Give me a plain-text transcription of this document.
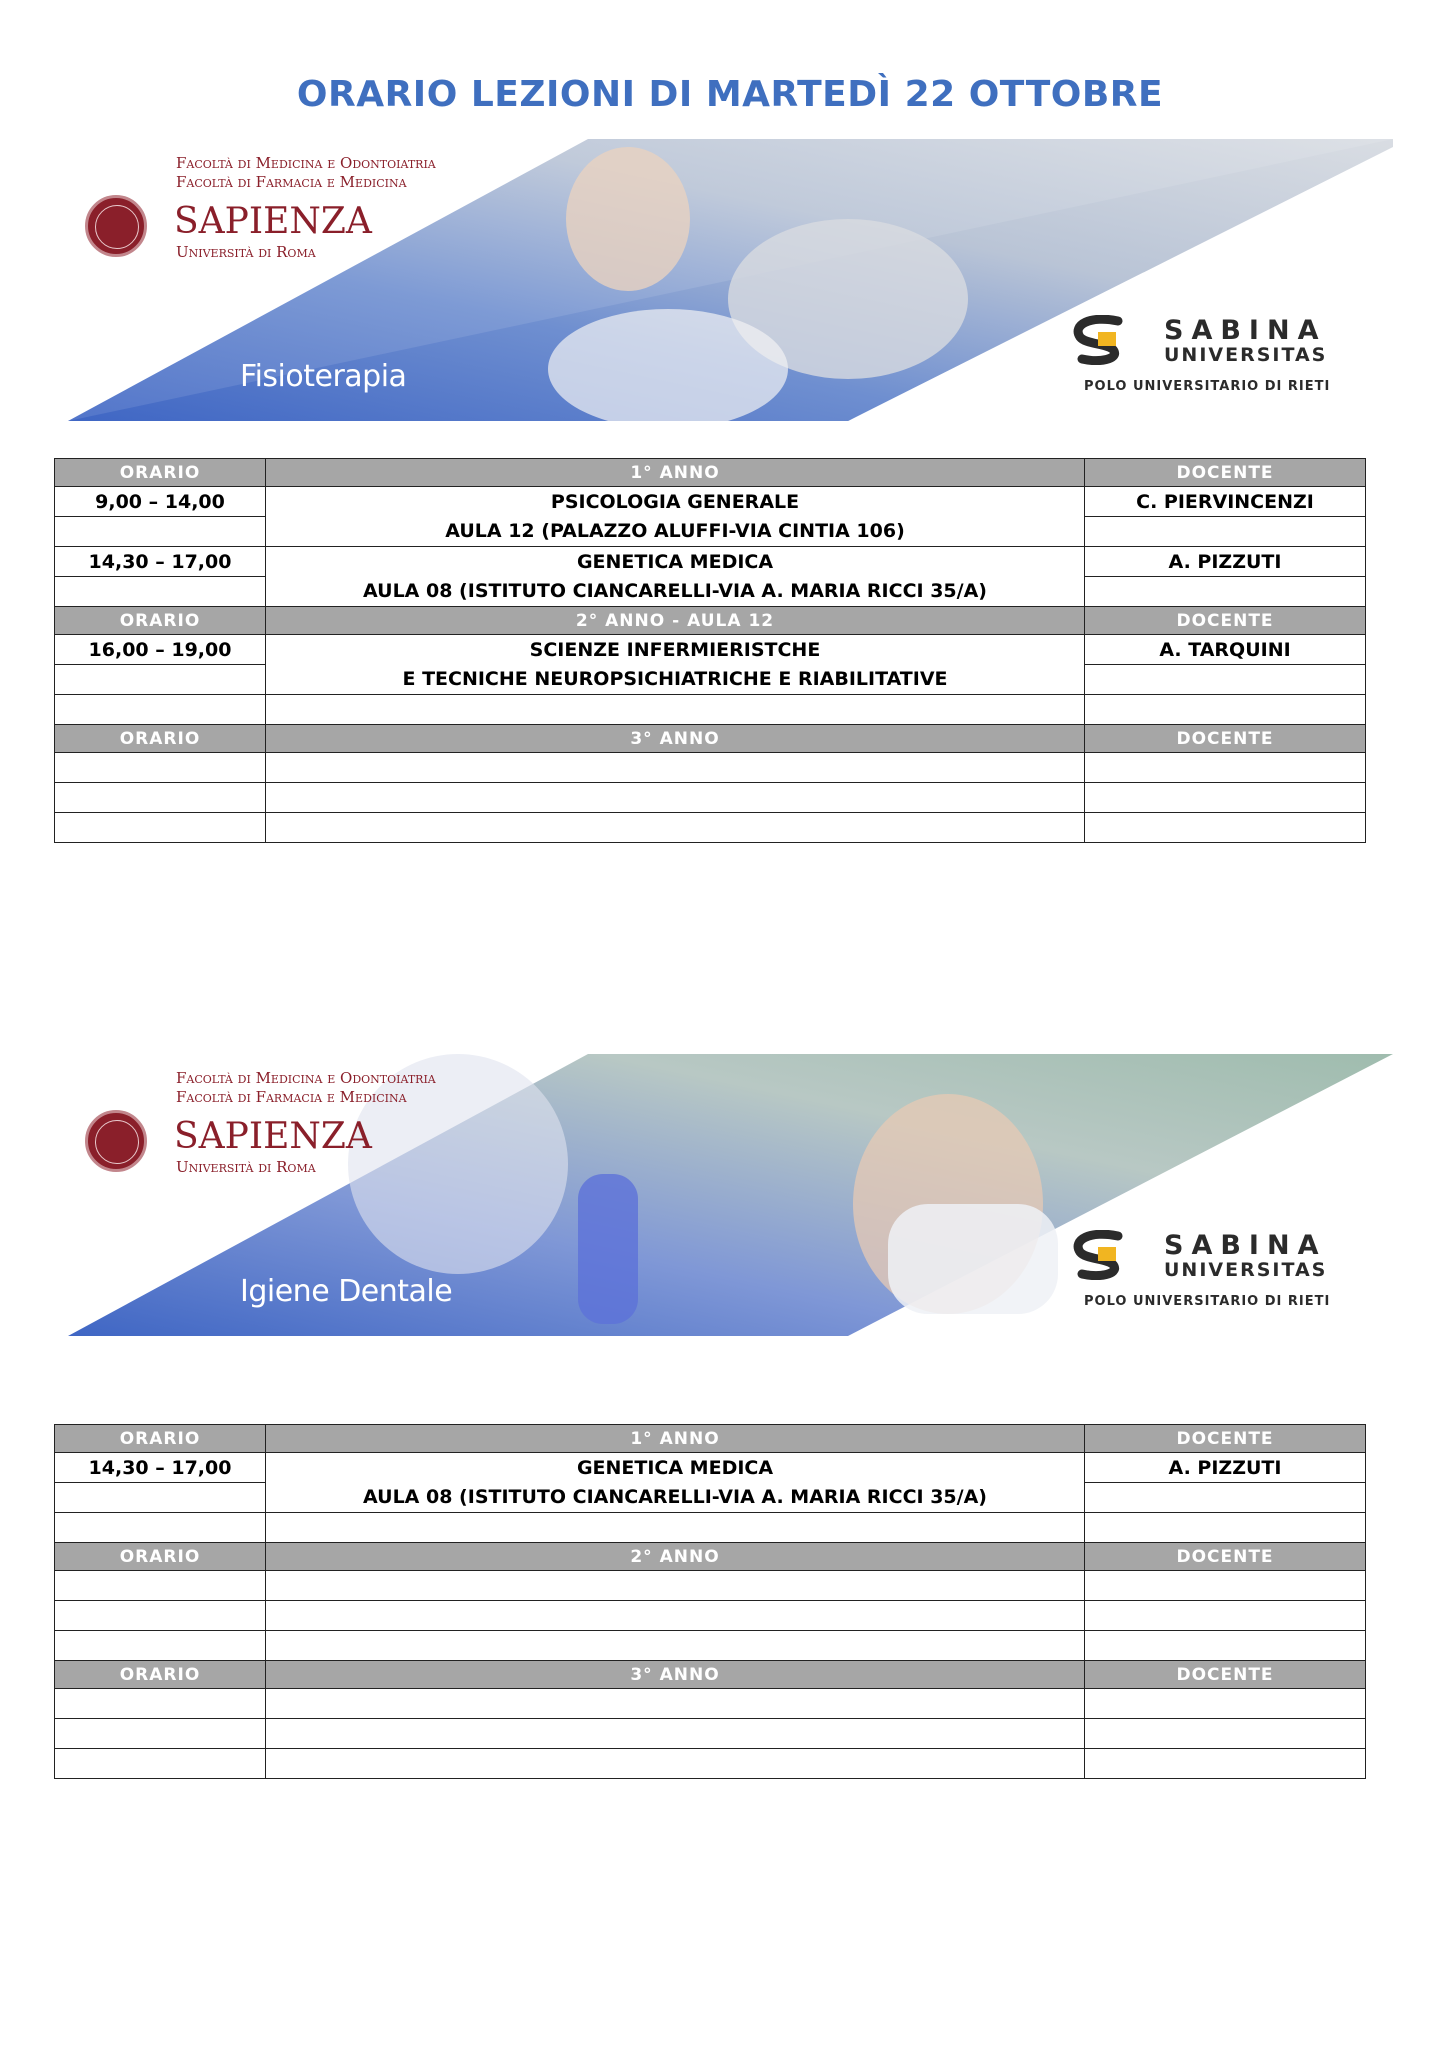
ORARIO LEZIONI DI MARTEDÌ 22 OTTOBRE
Facoltà di Medicina e Odontoiatria
Facoltà di Farmacia e Medicina
SAPIENZA
Università di Roma
Fisioterapia
SABINA
UNIVERSITAS
POLO UNIVERSITARIO DI RIETI
ORARIO	1° ANNO	DOCENTE
9,00 – 14,00	PSICOLOGIA GENERALE	C. PIERVINCENZI
	AULA 12 (PALAZZO ALUFFI-VIA CINTIA 106)	
14,30 – 17,00	GENETICA MEDICA	A. PIZZUTI
	AULA 08 (ISTITUTO CIANCARELLI-VIA A. MARIA RICCI 35/A)	
ORARIO	2° ANNO - AULA 12	DOCENTE
16,00 – 19,00	SCIENZE INFERMIERISTCHE	A. TARQUINI
	E TECNICHE NEUROPSICHIATRICHE E RIABILITATIVE	

ORARIO	3° ANNO	DOCENTE

Facoltà di Medicina e Odontoiatria
Facoltà di Farmacia e Medicina
SAPIENZA
Università di Roma
Igiene Dentale
SABINA
UNIVERSITAS
POLO UNIVERSITARIO DI RIETI
ORARIO	1° ANNO	DOCENTE
14,30 – 17,00	GENETICA MEDICA	A. PIZZUTI
	AULA 08 (ISTITUTO CIANCARELLI-VIA A. MARIA RICCI 35/A)	

ORARIO	2° ANNO	DOCENTE

ORARIO	3° ANNO	DOCENTE
